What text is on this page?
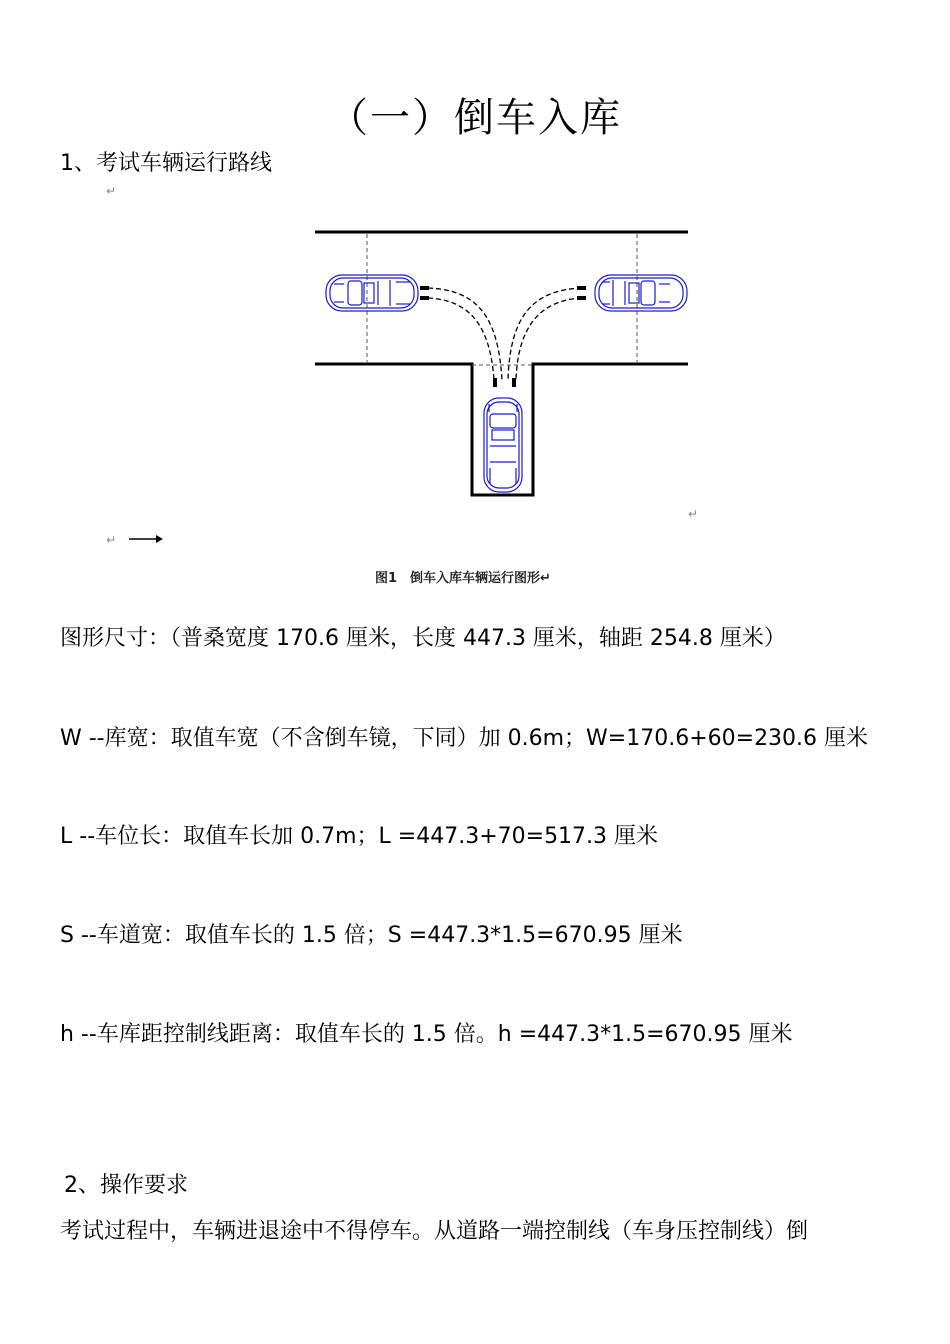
（一）倒车入库
1、考试车辆运行路线
↵
↵
↵
图1　倒车入库车辆运行图形↵
图形尺寸：（普桑宽度 170.6 厘米，长度 447.3 厘米，轴距 254.8 厘米）
W --库宽：取值车宽（不含倒车镜，下同）加 0.6m；W=170.6+60=230.6 厘米
L --车位长：取值车长加 0.7m；L =447.3+70=517.3 厘米
S --车道宽：取值车长的 1.5 倍；S =447.3*1.5=670.95 厘米
h --车库距控制线距离：取值车长的 1.5 倍。h =447.3*1.5=670.95 厘米
2、操作要求
考试过程中，车辆进退途中不得停车。从道路一端控制线（车身压控制线）倒
